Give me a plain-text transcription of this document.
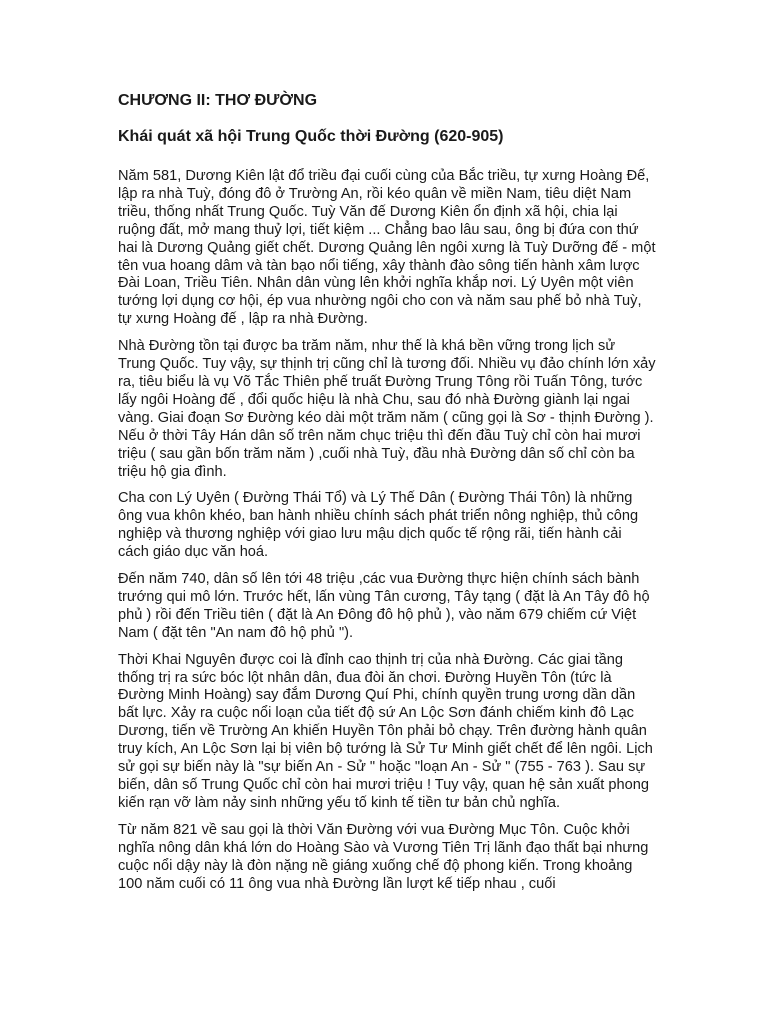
CHƯƠNG II: THƠ ĐƯỜNG
Khái quát xã hội Trung Quốc thời Đường (620-905)

Năm 581, Dương Kiên lật đổ triều đại cuối cùng của Bắc triều, tự xưng Hoàng Đế, lập ra nhà Tuỳ, đóng đô ở Trường An, rồi kéo quân về miền Nam, tiêu diệt Nam triều, thống nhất Trung Quốc. Tuỳ Văn đế Dương Kiên ổn định xã hội, chia lại ruộng đất, mở mang thuỷ lợi, tiết kiệm ... Chẳng bao lâu sau, ông bị đứa con thứ hai là Dương Quảng giết chết. Dương Quảng lên ngôi xưng là Tuỳ Dưỡng đế - một tên vua hoang dâm và tàn bạo nổi tiếng, xây thành đào sông tiến hành xâm lược Đài Loan, Triều Tiên. Nhân dân vùng lên khởi nghĩa khắp nơi. Lý Uyên một viên tướng lợi dụng cơ hội, ép vua nhường ngôi cho con và năm sau phế bỏ nhà Tuỳ, tự xưng Hoàng đế , lập ra nhà Đường.

Nhà Đường tồn tại được ba trăm năm, như thế là khá bền vững trong lịch sử Trung Quốc. Tuy vậy, sự thịnh trị cũng chỉ là tương đối. Nhiều vụ đảo chính lớn xảy ra, tiêu biểu là vụ Võ Tắc Thiên phế truất Đường Trung Tông rồi Tuấn Tông, tước lấy ngôi Hoàng đế , đổi quốc hiệu là nhà Chu, sau đó nhà Đường giành lại ngai vàng. Giai đoạn Sơ Đường kéo dài một trăm năm ( cũng gọi là Sơ - thịnh Đường ). Nếu ở thời Tây Hán dân số trên năm chục triệu thì đến đầu Tuỳ chỉ còn hai mươi triệu ( sau gần bốn trăm năm ) ,cuối nhà Tuỳ, đầu nhà Đường dân số chỉ còn ba triệu hộ gia đình.

Cha con Lý Uyên ( Đường Thái Tổ) và Lý Thế Dân ( Đường Thái Tôn) là những ông vua khôn khéo, ban hành nhiều chính sách phát triển nông nghiệp, thủ công nghiệp và thương nghiệp với giao lưu mậu dịch quốc tế rộng rãi, tiến hành cải cách giáo dục văn hoá.

Đến năm 740, dân số lên tới 48 triệu ,các vua Đường thực hiện chính sách bành trướng qui mô lớn. Trước hết, lấn vùng Tân cương, Tây tạng ( đặt là An Tây đô hộ phủ ) rồi đến Triều tiên ( đặt là An Đông đô hộ phủ ), vào năm 679 chiếm cứ Việt Nam ( đặt tên "An nam đô hộ phủ ").

Thời Khai Nguyên được coi là đỉnh cao thịnh trị của nhà Đường. Các giai tầng thống trị ra sức bóc lột nhân dân, đua đòi ăn chơi. Đường Huyền Tôn (tức là Đường Minh Hoàng) say đắm Dương Quí Phi, chính quyền trung ương dần dần bất lực. Xảy ra cuộc nổi loạn của tiết độ sứ An Lộc Sơn đánh chiếm kinh đô Lạc Dương, tiến về Trường An khiến Huyền Tôn phải bỏ chạy. Trên đường hành quân truy kích, An Lộc Sơn lại bị viên bộ tướng là Sử Tư Minh giết chết để lên ngôi. Lịch sử gọi sự biến này là "sự biến An - Sử " hoặc "loạn An - Sử " (755 - 763 ). Sau sự biến, dân số Trung Quốc chỉ còn hai mươi triệu ! Tuy vậy, quan hệ sản xuất phong kiến rạn vỡ làm nảy sinh những yếu tố kinh tế tiền tư bản chủ nghĩa.

Từ năm 821 về sau gọi là thời Văn Đường với vua Đường Mục Tôn. Cuộc khởi nghĩa nông dân khá lớn do Hoàng Sào và Vương Tiên Trị lãnh đạo thất bại nhưng cuộc nổi dậy này là đòn nặng nề giáng xuống chế độ phong kiến. Trong khoảng 100 năm cuối có 11 ông vua nhà Đường lần lượt kế tiếp nhau , cuối
